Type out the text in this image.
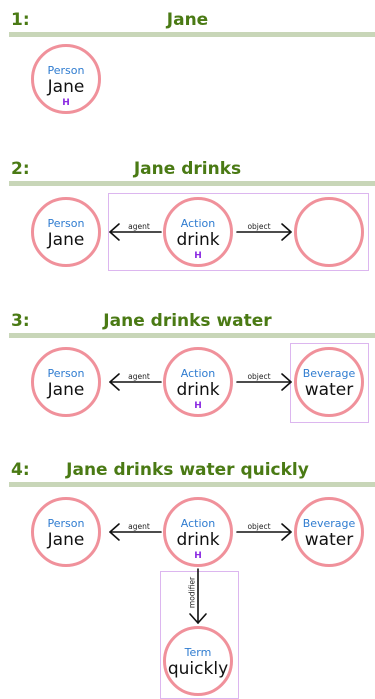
1:	Jane
Person
Jane
H
2:	Jane drinks
Person
Jane
Action
drink
H
agent	object
3:	Jane drinks water
Person
Jane
Action
drink
H
Beverage
water
agent	object
4:	Jane drinks water quickly
Person
Jane
Action
drink
H
Beverage
water
Term
quickly
agent	object
modifier
